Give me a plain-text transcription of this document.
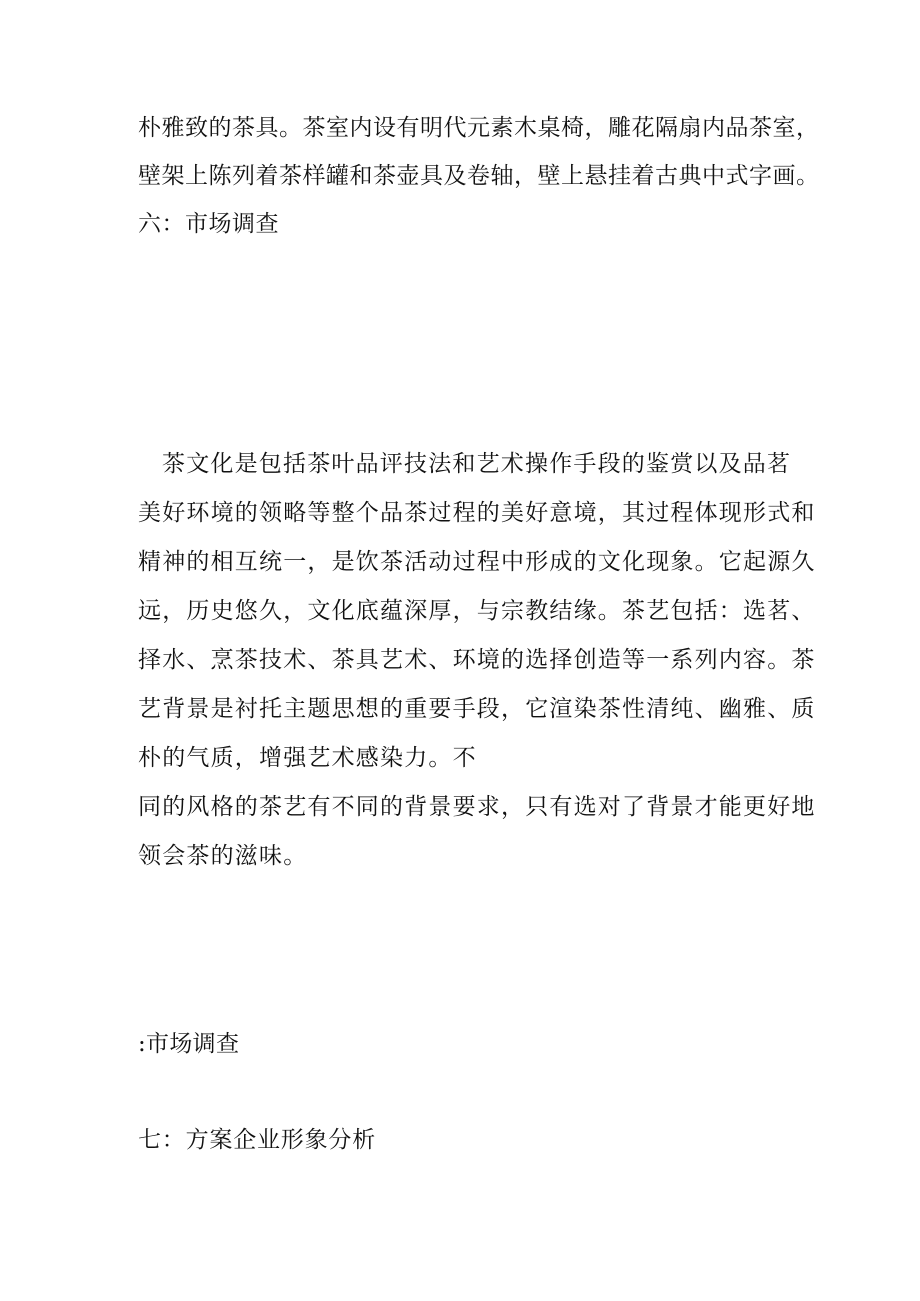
朴雅致的茶具。茶室内设有明代元素木桌椅，雕花隔扇内品茶室，
壁架上陈列着茶样罐和茶壶具及卷轴，壁上悬挂着古典中式字画。
六：市场调查
茶文化是包括茶叶品评技法和艺术操作手段的鉴赏以及品茗
美好环境的领略等整个品茶过程的美好意境，其过程体现形式和
精神的相互统一，是饮茶活动过程中形成的文化现象。它起源久
远，历史悠久，文化底蕴深厚，与宗教结缘。茶艺包括：选茗、
择水、烹茶技术、茶具艺术、环境的选择创造等一系列内容。茶
艺背景是衬托主题思想的重要手段，它渲染茶性清纯、幽雅、质
朴的气质，增强艺术感染力。不
同的风格的茶艺有不同的背景要求，只有选对了背景才能更好地
领会茶的滋味。
:市场调查
七：方案企业形象分析
